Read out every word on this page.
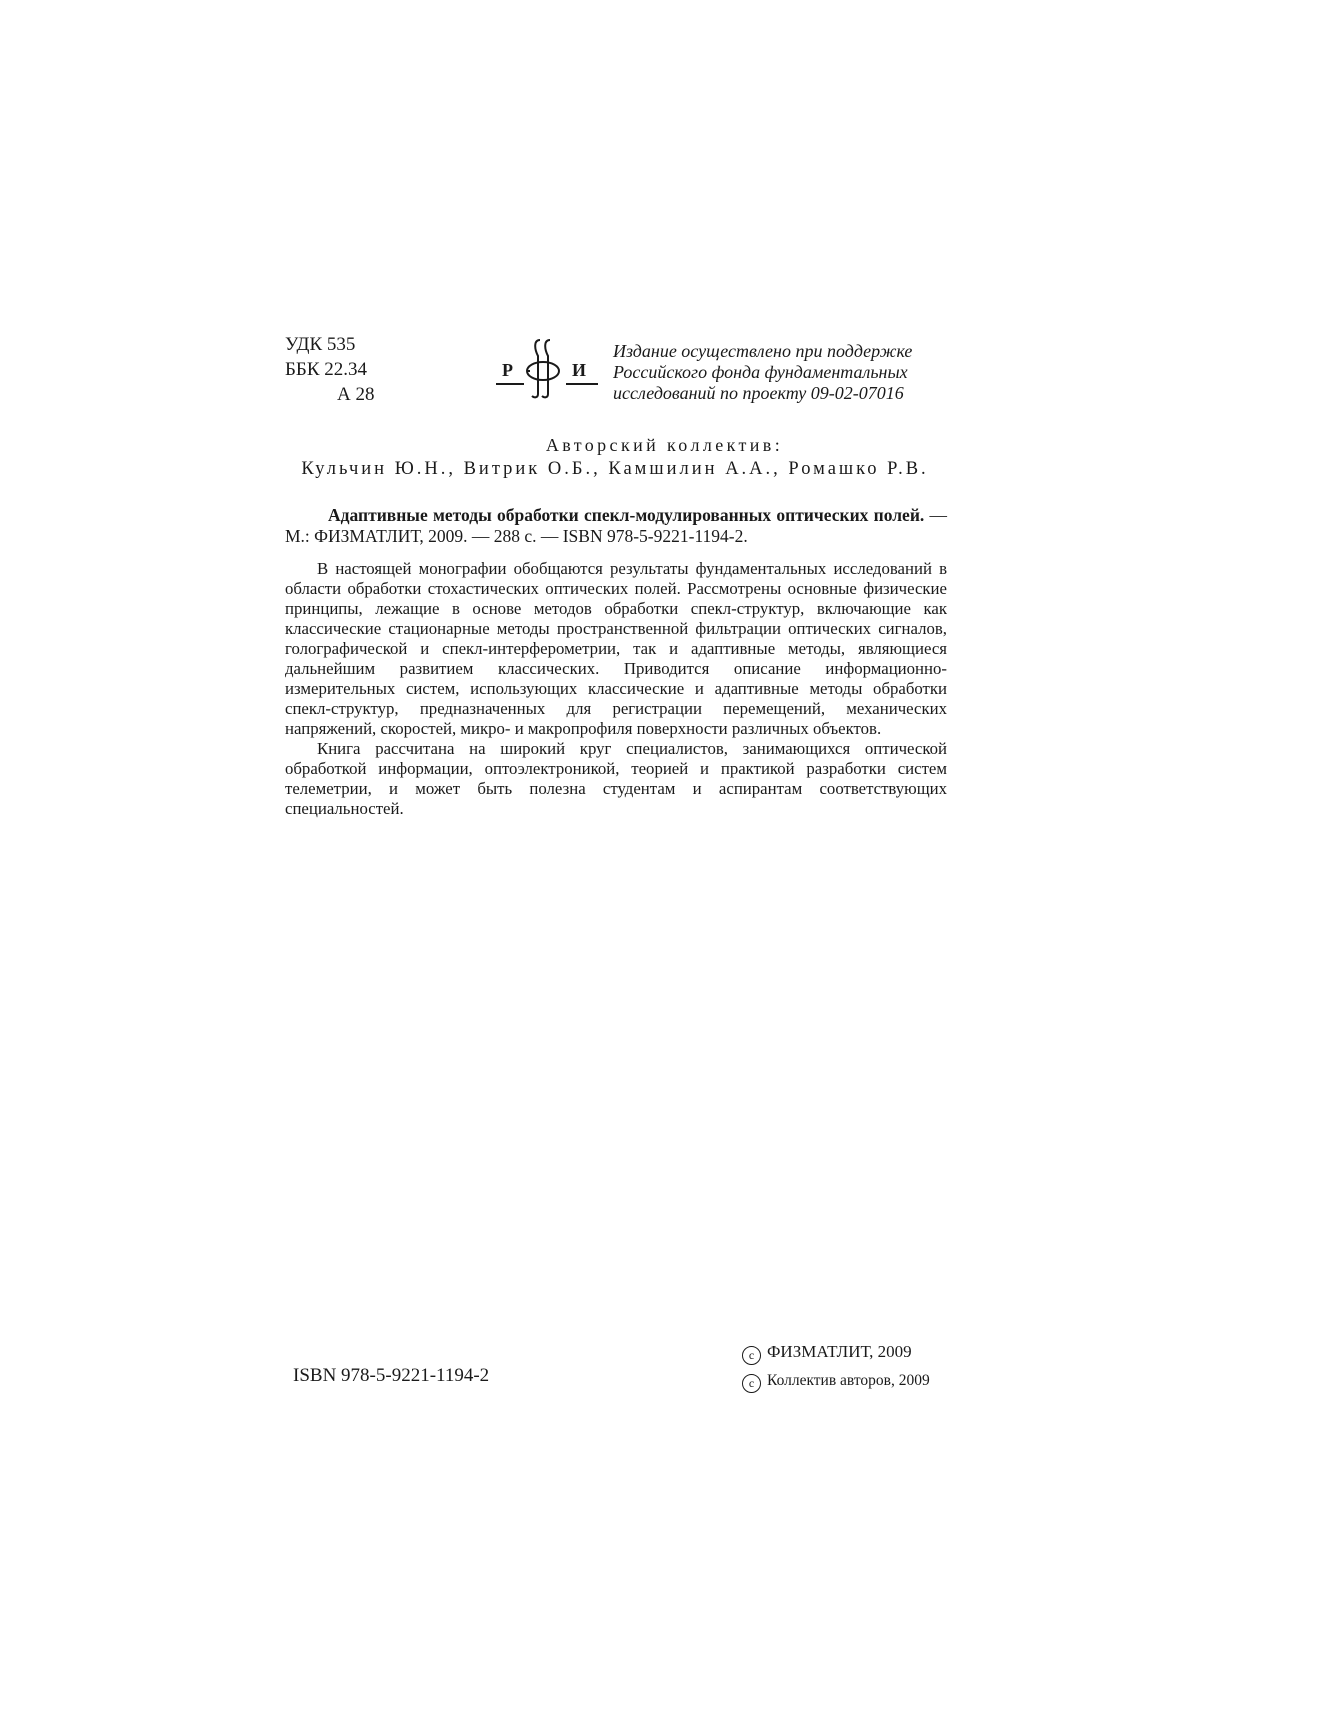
УДК 535
ББК 22.34
А 28
Р	И
Издание осуществлено при поддержке
Российского фонда фундаментальных
исследований по проекту 09-02-07016
Авторский коллектив:
Кульчин Ю.Н., Витрик О.Б., Камшилин А.А., Ромашко Р.В.
Адаптивные методы обработки спекл-модулированных оптических полей. — М.: ФИЗМАТЛИТ, 2009. — 288 с. — ISBN 978-5-9221-1194-2.

В настоящей монографии обобщаются результаты фундаментальных исследований в области обработки стохастических оптических полей. Рассмотрены основные физические принципы, лежащие в основе методов обработки спекл-структур, включающие как классические стационарные методы пространственной фильтрации оптических сигналов, голографической и спекл-интерферометрии, так и адаптивные методы, являющиеся дальнейшим развитием классических. Приводится описание информационно-измерительных систем, использующих классические и адаптивные методы обработки спекл-структур, предназначенных для регистрации перемещений, механических напряжений, скоростей, микро- и макропрофиля поверхности различных объектов.

Книга рассчитана на широкий круг специалистов, занимающихся оптической обработкой информации, оптоэлектроникой, теорией и практикой разработки систем телеметрии, и может быть полезна студентам и аспирантам соответствующих специальностей.

ISBN 978-5-9221-1194-2
c ФИЗМАТЛИТ, 2009
c Коллектив авторов, 2009
